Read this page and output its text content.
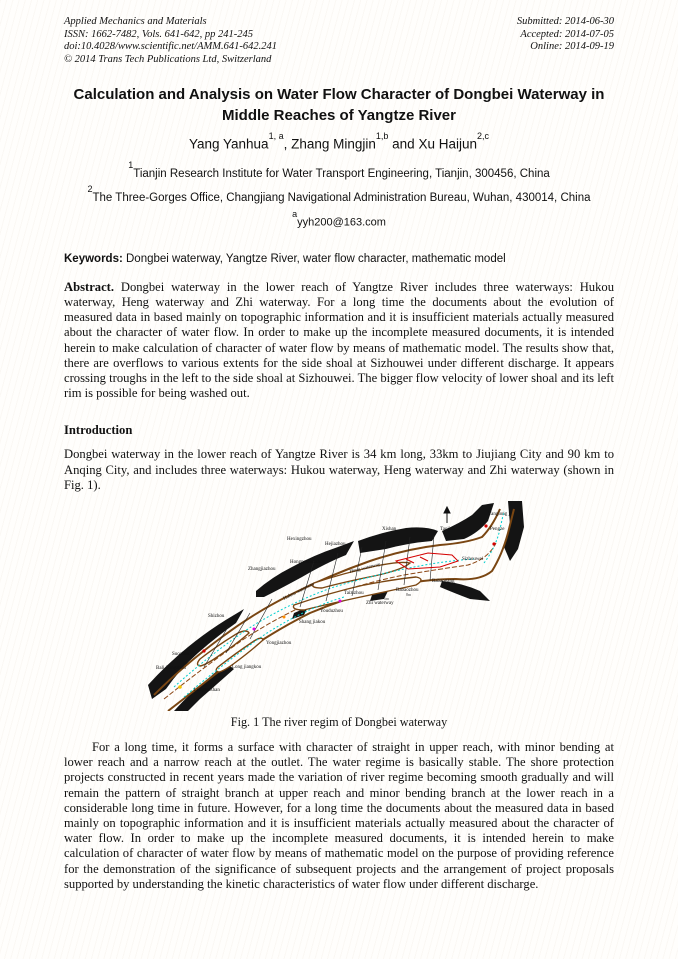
Applied Mechanics and Materials
ISSN: 1662-7482, Vols. 641-642, pp 241-245
doi:10.4028/www.scientific.net/AMM.641-642.241
© 2014 Trans Tech Publications Ltd, Switzerland
Submitted: 2014-06-30
Accepted: 2014-07-05
Online: 2014-09-19
Calculation and Analysis on Water Flow Character of Dongbei Waterway in Middle Reaches of Yangtze River
Yang Yanhua$^{1, a}$, Zhang Mingjin$^{1,b}$ and Xu Haijun$^{2,c}$
$^1$Tianjin Research Institute for Water Transport Engineering, Tianjin, 300456, China
$^2$The Three-Gorges Office, Changjiang Navigational Administration Bureau, Wuhan, 430014, China
$^a$yyh200@163.com
Keywords: Dongbei waterway, Yangtze River, water flow character, mathematic model
Abstract. Dongbei waterway in the lower reach of Yangtze River includes three waterways: Hukou waterway, Heng waterway and Zhi waterway. For a long time the documents about the evolution of measured data in based mainly on topographic information and it is insufficient materials actually measured about the character of water flow. In order to make up the incomplete measured documents, it is intended herein to make calculation of character of water flow by means of mathematic model. The results show that, there are overflows to various extents for the side shoal at Sizhouwei under different discharge. It appears crossing troughs in the left to the side shoal at Sizhouwei. The bigger flow velocity of lower shoal and its left rim is possible for being washed out.
Introduction
Dongbei waterway in the lower reach of Yangtze River is 34 km long, 33km to Jiujiang City and 90 km to Anqing City, and includes three waterways: Hukou waterway, Heng waterway and Zhi waterway (shown in Fig. 1).
Yanglong ji
Taojian	Pengze
Xishan
Hexingzhou
Hejiazhou
Sizhouwei
Hongpanhuazhou
Zhangjiazhou	Heng waterway
Babaogang
Babaozhou
Taizizhou
Zhi waterway
Hukou waterway
Youduzhou
Shang jiakou
Shizhou
Yongjiazhou
Long jiangkou
Suozhou
Bali Jiangzhou
Longtanshan
8m
6m
Fig. 1 The river regim of Dongbei waterway
For a long time, it forms a surface with character of straight in upper reach, with minor bending at lower reach and a narrow reach at the outlet. The water regime is basically stable. The shore protection projects constructed in recent years made the variation of river regime becoming smooth gradually and will remain the pattern of straight branch at upper reach and minor bending branch at the lower reach in a considerable long time in future. However, for a long time the documents about the measured data in based mainly on topographic information and it is insufficient materials actually measured about the character of water flow. In order to make up the incomplete measured documents, it is intended herein to make calculation of character of water flow by means of mathematic model on the purpose of providing reference for the demonstration of the significance of subsequent projects and the arrangement of project proposals supported by understanding the kinetic characteristics of water flow under different discharge.
